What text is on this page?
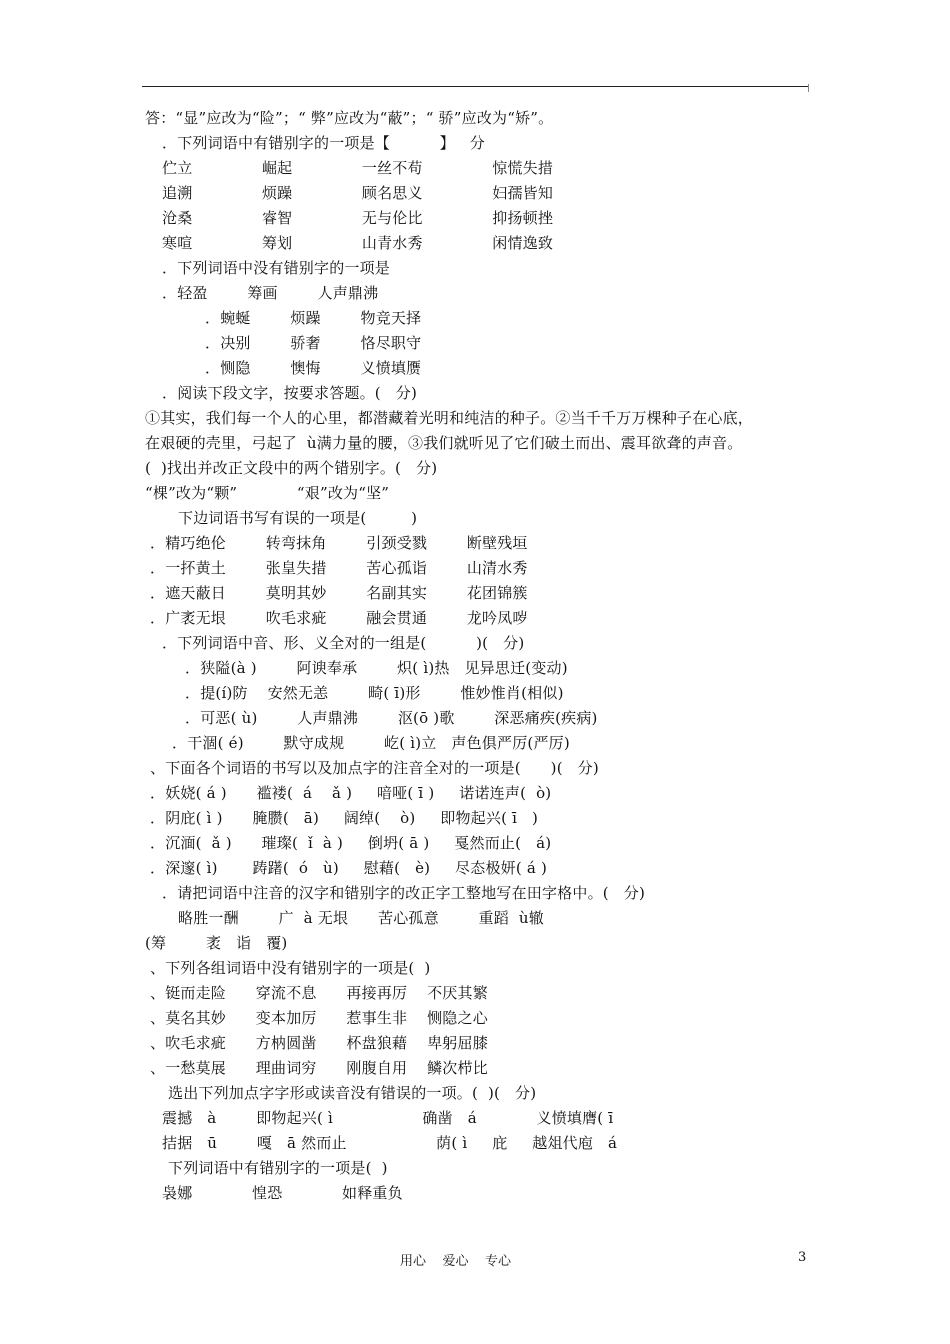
答：“显”应改为“险”；“ 弊”应改为“蔽”；“ 骄”应改为“矫”。
．下列词语中有错别字的一项是【          】   分
伫立              崛起              一丝不苟              惊慌失措
追溯              烦躁              顾名思义              妇孺皆知
沧桑              睿智              无与伦比              抑扬顿挫
寒喧              筹划              山青水秀              闲情逸致
．下列词语中没有错别字的一项是
．轻盈        筹画        人声鼎沸
．蜿蜒        烦躁        物竞天择
．决别        骄奢        恪尽职守
．恻隐        懊悔        义愤填赝
．阅读下段文字，按要求答题。(   分)
①其实，我们每一个人的心里，都潜藏着光明和纯洁的种子。②当千千万万棵种子在心底，
在艰硬的壳里，弓起了  ù满力量的腰，③我们就听见了它们破土而出、震耳欲聋的声音。
(  )找出并改正文段中的两个错别字。(   分)
“棵”改为“颗”            “艰”改为“坚”
下边词语书写有误的一项是(         )
．精巧绝伦        转弯抹角        引颈受戮        断壁残垣
．一抔黄土        张皇失措        苦心孤诣        山清水秀
．遮天蔽日        莫明其妙        名副其实        花团锦簇
．广袤无垠        吹毛求疵        融会贯通        龙吟凤哕
．下列词语中音、形、义全对的一组是(          )(   分)
．狭隘(à )        阿谀奉承        炽( ì)热   见异思迁(变动)
．提(í)防    安然无恙        畸( ī)形        惟妙惟肖(相似)
．可恶( ù)        人声鼎沸        沤(ō )歌        深恶痛疾(疾病)
．干涸( é)        默守成规        屹( ì)立   声色俱严厉(严厉)
、下面各个词语的书写以及加点字的注音全对的一项是(      )(   分)
．妖娆( á )      褴褛(  á    ǎ )     喑哑( ī )     诺诺连声(  ò)
．阴庇( ì )      腌臜(   ā)     阔绰(    ò)     即物起兴( ī   )
．沉湎(  ǎ )      璀璨(  ǐ  à )     倒坍( ā )     戛然而止(   á)
．深邃( ì)       踌躇(  ó   ù)     慰藉(   è)     尽态极妍( á )
．请把词语中注音的汉字和错别字的改正字工整地写在田字格中。(   分)
略胜一酬        广  à 无垠      苦心孤意        重蹈  ù辙
(筹        袤   诣   覆)
、下列各组词语中没有错别字的一项是(  )
、铤而走险      穿流不息      再接再厉    不厌其繁
、莫名其妙      变本加厉      惹事生非    恻隐之心
、吹毛求疵      方枘圆凿      杯盘狼藉    卑躬屈膝
、一愁莫展      理曲词穷      刚腹自用    鳞次栉比
选出下列加点字字形或读音没有错误的一项。(  )(   分)
震撼   à        即物起兴( ì                  确凿   á            义愤填膺( ī
拮据   ū        嘎   ā 然而止                  荫( ì     庇     越俎代庖   á
下列词语中有错别字的一项是(  )
袅娜            惶恐            如释重负
用心    爱心    专心	3
